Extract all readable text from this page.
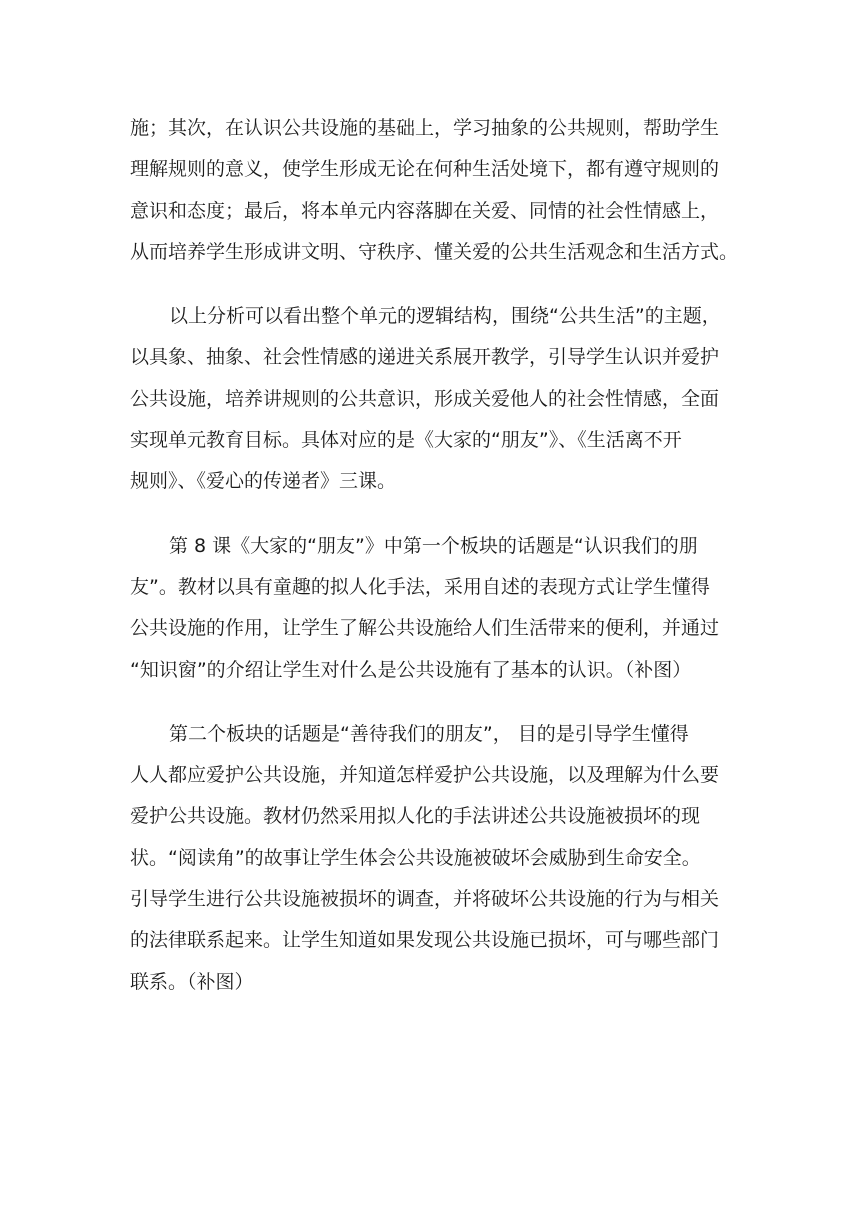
施；其次，在认识公共设施的基础上，学习抽象的公共规则，帮助学生
理解规则的意义，使学生形成无论在何种生活处境下，都有遵守规则的
意识和态度；最后，将本单元内容落脚在关爱、同情的社会性情感上，
从而培养学生形成讲文明、守秩序、懂关爱的公共生活观念和生活方式。

以上分析可以看出整个单元的逻辑结构，围绕“公共生活”的主题，
以具象、抽象、社会性情感的递进关系展开教学，引导学生认识并爱护
公共设施，培养讲规则的公共意识，形成关爱他人的社会性情感，全面
实现单元教育目标。具体对应的是《大家的“朋友”》、《生活离不开
规则》、《爱心的传递者》三课。

第 8 课《大家的“朋友”》中第一个板块的话题是“认识我们的朋
友”。教材以具有童趣的拟人化手法，采用自述的表现方式让学生懂得
公共设施的作用，让学生了解公共设施给人们生活带来的便利，并通过
“知识窗”的介绍让学生对什么是公共设施有了基本的认识。（补图）

第二个板块的话题是“善待我们的朋友”， 目的是引导学生懂得
人人都应爱护公共设施，并知道怎样爱护公共设施，以及理解为什么要
爱护公共设施。教材仍然采用拟人化的手法讲述公共设施被损坏的现
状。“阅读角”的故事让学生体会公共设施被破坏会威胁到生命安全。
引导学生进行公共设施被损坏的调查，并将破坏公共设施的行为与相关
的法律联系起来。让学生知道如果发现公共设施已损坏，可与哪些部门
联系。（补图）
